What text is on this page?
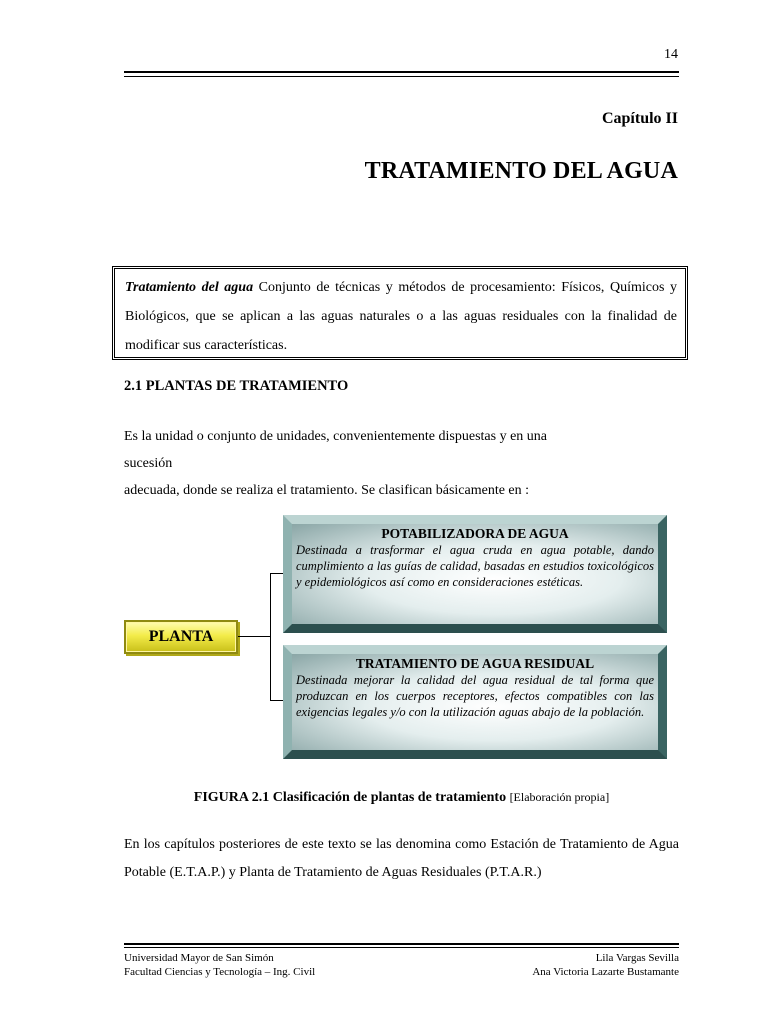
14
Capítulo II
TRATAMIENTO DEL AGUA
Tratamiento del agua Conjunto de técnicas y métodos de procesamiento: Físicos, Químicos y Biológicos, que se aplican a las aguas naturales o a las aguas residuales con la finalidad de modificar sus características.
2.1 PLANTAS DE TRATAMIENTO
Es la unidad o conjunto de unidades, convenientemente dispuestas y en una sucesión
adecuada, donde se realiza el tratamiento. Se clasifican básicamente en :
PLANTA
POTABILIZADORA DE AGUA
Destinada a trasformar el agua cruda en agua potable, dando cumplimiento a las guías de calidad, basadas en estudios toxicológicos y epidemiológicos así como en consideraciones estéticas.
TRATAMIENTO DE AGUA RESIDUAL
Destinada mejorar la calidad del agua residual de tal forma que produzcan en los cuerpos receptores, efectos compatibles con las exigencias legales y/o con la utilización aguas abajo de la población.
FIGURA 2.1 Clasificación de plantas de tratamiento [Elaboración propia]
En los capítulos posteriores de este texto se las denomina como Estación de Tratamiento de Agua Potable (E.T.A.P.) y Planta de Tratamiento de Aguas Residuales (P.T.A.R.)
Universidad Mayor de San Simón
Facultad Ciencias y Tecnología – Ing. Civil
Lila Vargas Sevilla
Ana Victoria Lazarte Bustamante
